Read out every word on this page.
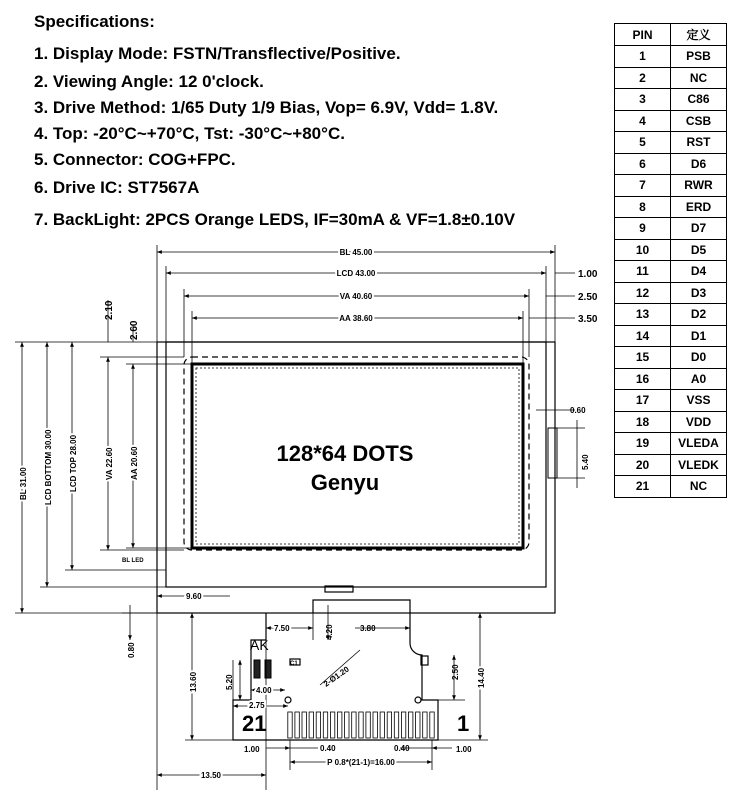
Specifications:
1. Display Mode: FSTN/Transflective/Positive.
2. Viewing Angle: 12 0'clock.
3. Drive Method: 1/65 Duty 1/9 Bias, Vop= 6.9V, Vdd= 1.8V.
4. Top: -20°C~+70°C, Tst: -30°C~+80°C.
5. Connector: COG+FPC.
6. Drive IC: ST7567A
7. BackLight: 2PCS Orange LEDS, IF=30mA & VF=1.8±0.10V
PIN	定义
1	PSB
2	NC
3	C86
4	CSB
5	RST
6	D6
7	RWR
8	ERD
9	D7
10	D5
11	D4
12	D3
13	D2
14	D1
15	D0
16	A0
17	VSS
18	VDD
19	VLEDA
20	VLEDK
21	NC
BL 45.00
LCD 43.00
VA 40.60
AA 38.60
1.00
2.50
3.50
2.10
2.60
BL 31.00 LCD BOTTOM 30.00 LCD TOP 28.00	VA 22.60 AA 20.60
0.60
5.40
9.60
0.80
7.50	4.20	3.80
13.60	5.20
4.00
2.75
2-Ø1.20	2.50 14.40
1.00	0.40	0.40	1.00
P 0.8*(21-1)=16.00
13.50
C1
BL LED
AK
128*64 DOTS
Genyu
21	1
